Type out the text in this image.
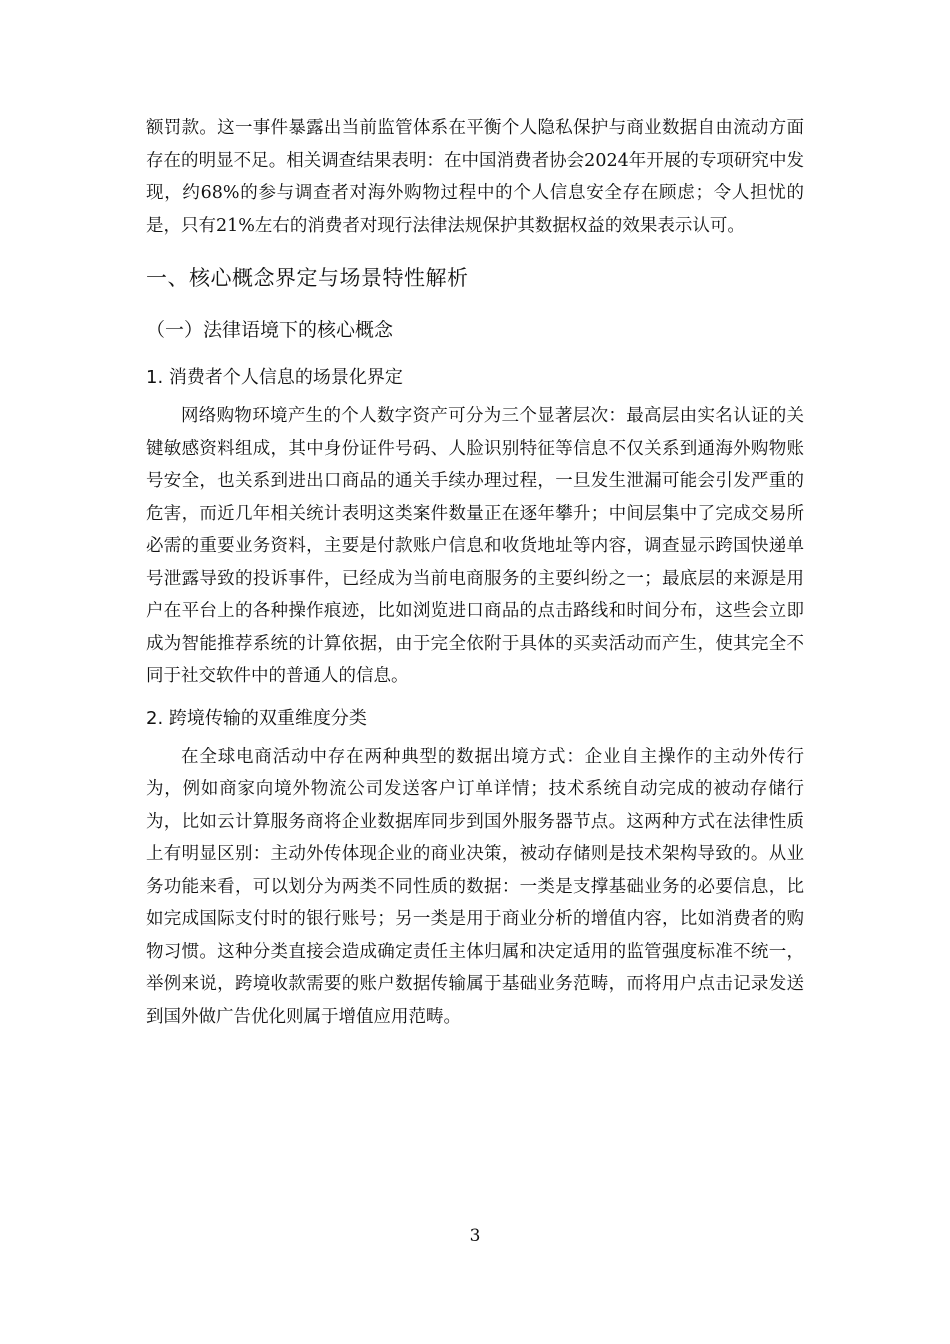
额罚款。这一事件暴露出当前监管体系在平衡个人隐私保护与商业数据自由流动方面存在的明显不足。相关调查结果表明：在中国消费者协会2024年开展的专项研究中发现，约68%的参与调查者对海外购物过程中的个人信息安全存在顾虑；令人担忧的是，只有21%左右的消费者对现行法律法规保护其数据权益的效果表示认可。

一、核心概念界定与场景特性解析
（一）法律语境下的核心概念
1. 消费者个人信息的场景化界定

网络购物环境产生的个人数字资产可分为三个显著层次：最高层由实名认证的关键敏感资料组成，其中身份证件号码、人脸识别特征等信息不仅关系到通海外购物账号安全，也关系到进出口商品的通关手续办理过程，一旦发生泄漏可能会引发严重的危害，而近几年相关统计表明这类案件数量正在逐年攀升；中间层集中了完成交易所必需的重要业务资料，主要是付款账户信息和收货地址等内容，调查显示跨国快递单号泄露导致的投诉事件，已经成为当前电商服务的主要纠纷之一；最底层的来源是用户在平台上的各种操作痕迹，比如浏览进口商品的点击路线和时间分布，这些会立即成为智能推荐系统的计算依据，由于完全依附于具体的买卖活动而产生，使其完全不同于社交软件中的普通人的信息。

2. 跨境传输的双重维度分类

在全球电商活动中存在两种典型的数据出境方式：企业自主操作的主动外传行为，例如商家向境外物流公司发送客户订单详情；技术系统自动完成的被动存储行为，比如云计算服务商将企业数据库同步到国外服务器节点。这两种方式在法律性质上有明显区别：主动外传体现企业的商业决策，被动存储则是技术架构导致的。从业务功能来看，可以划分为两类不同性质的数据：一类是支撑基础业务的必要信息，比如完成国际支付时的银行账号；另一类是用于商业分析的增值内容，比如消费者的购物习惯。这种分类直接会造成确定责任主体归属和决定适用的监管强度标准不统一，举例来说，跨境收款需要的账户数据传输属于基础业务范畴，而将用户点击记录发送到国外做广告优化则属于增值应用范畴。

3
